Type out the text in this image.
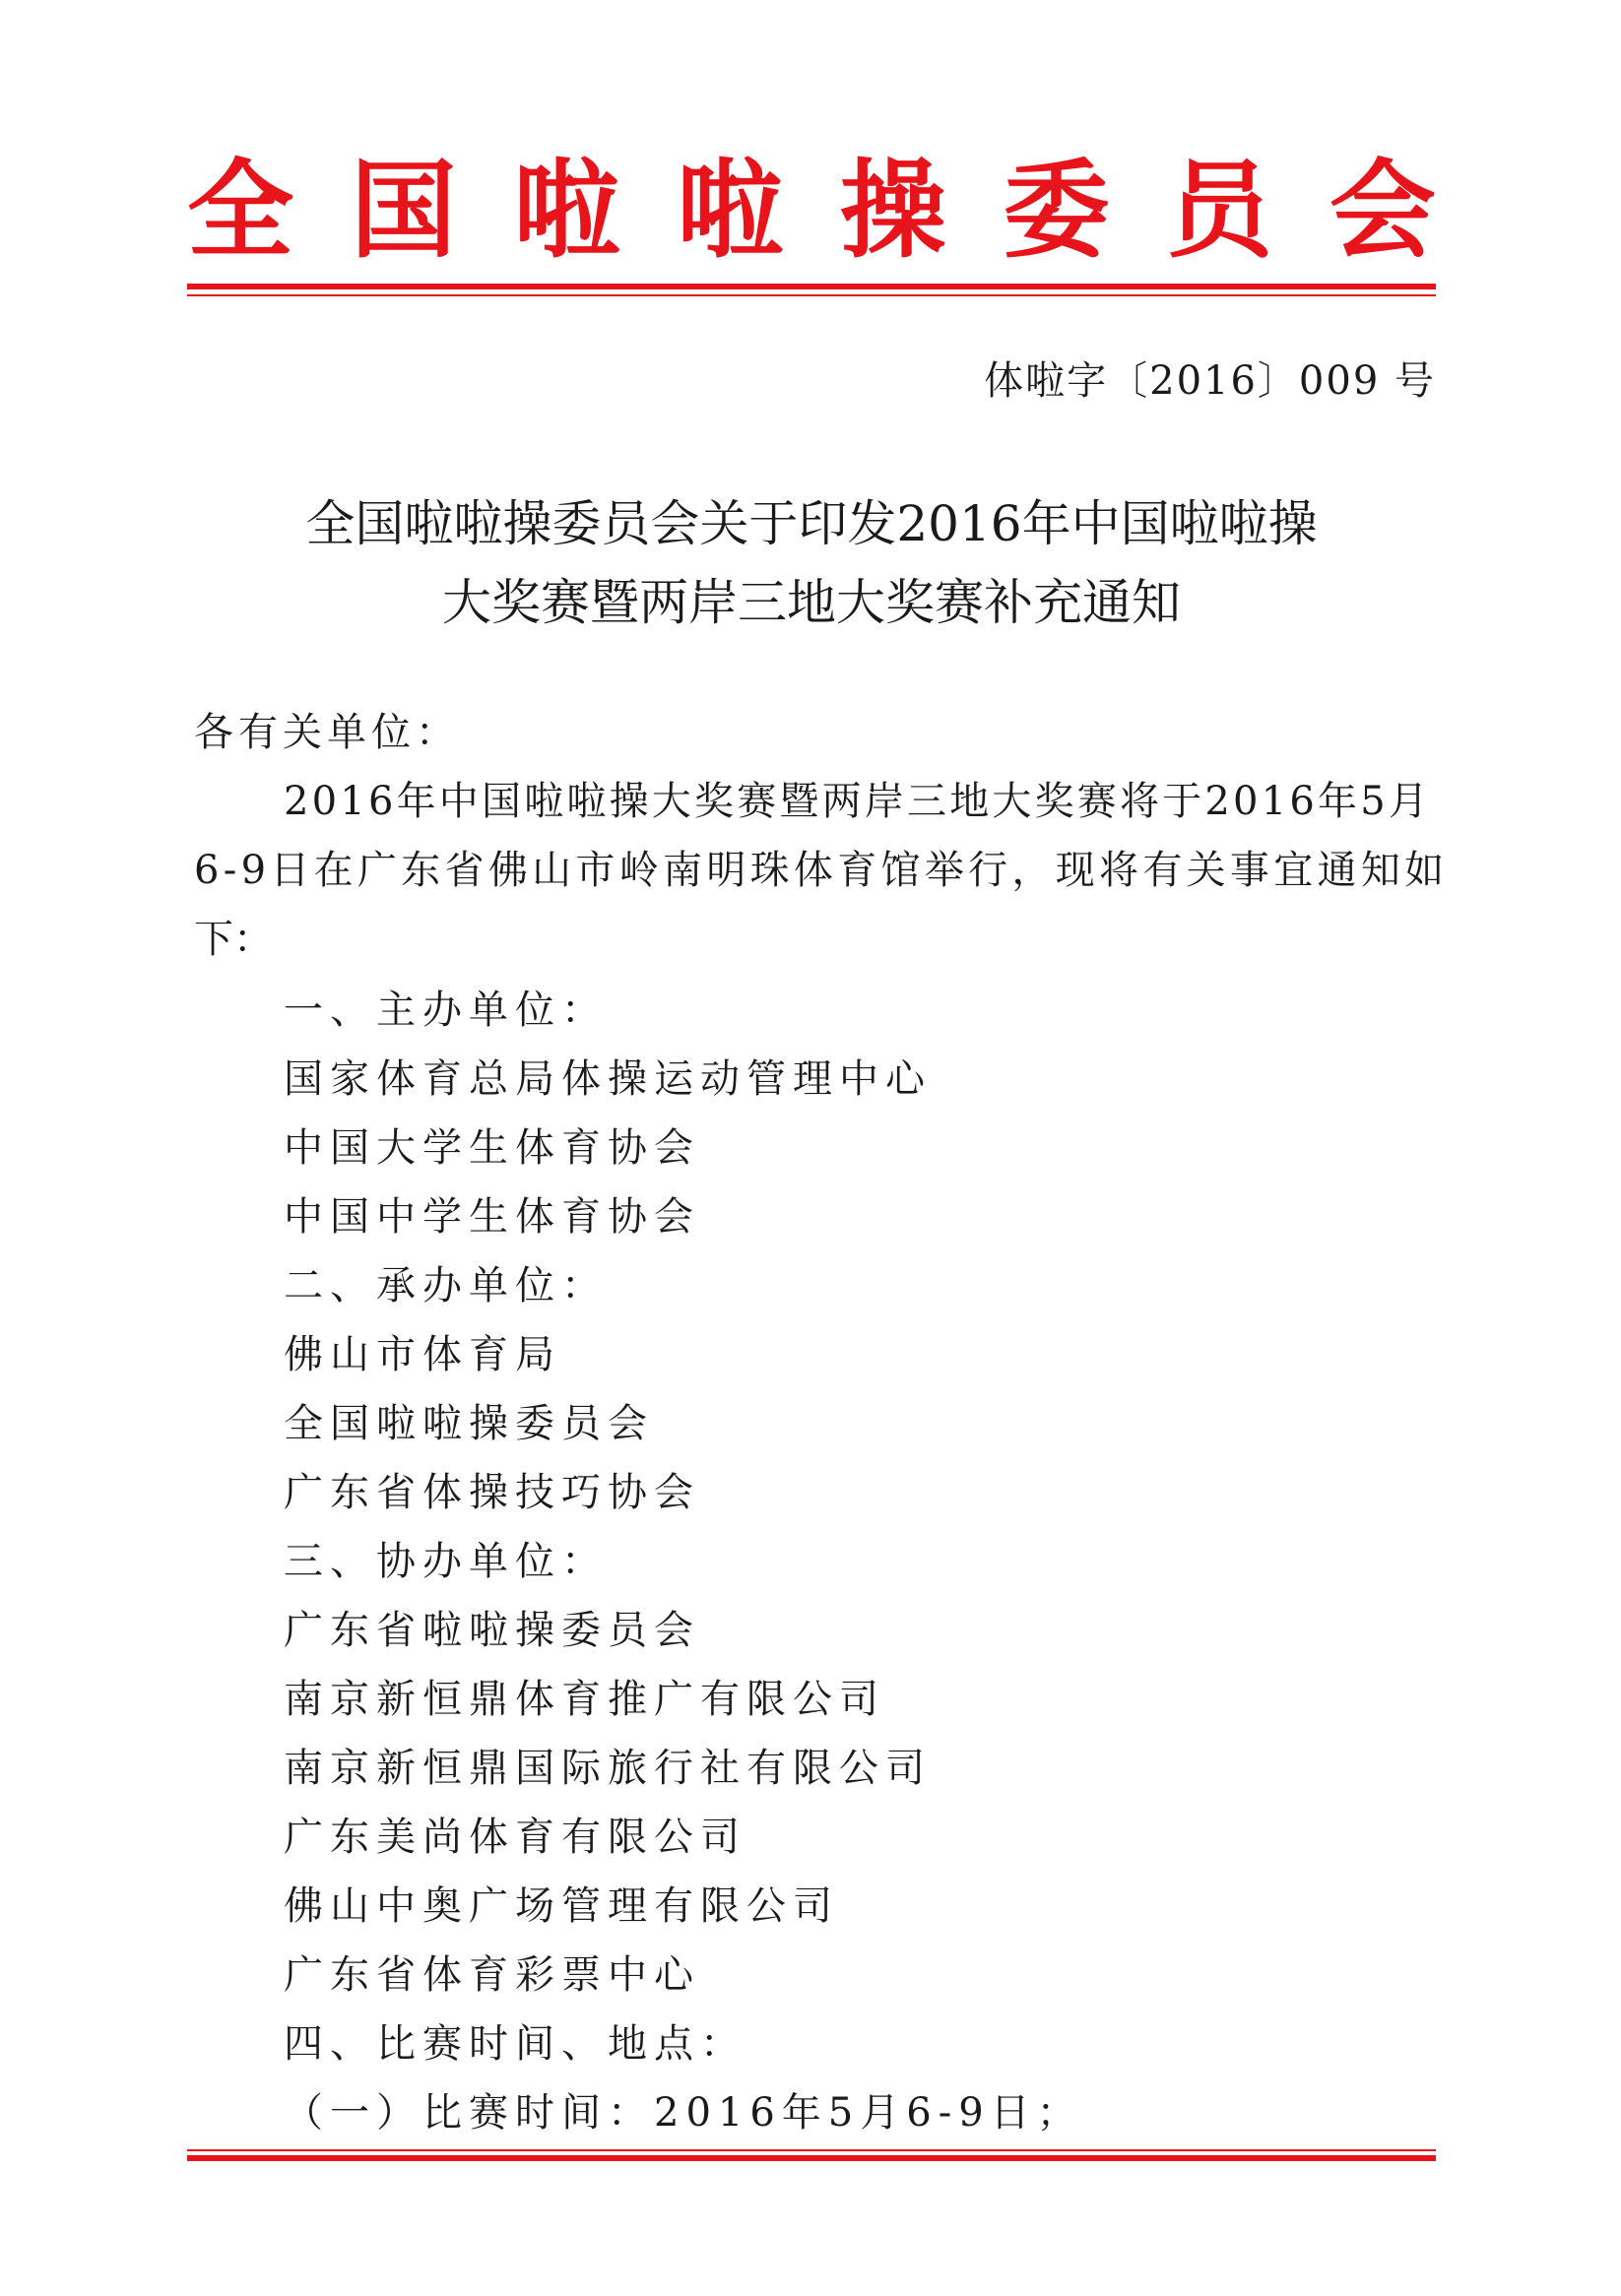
全 国 啦 啦 操 委 员 会
体啦字〔2016〕009 号
全国啦啦操委员会关于印发2016年中国啦啦操
大奖赛暨两岸三地大奖赛补充通知
各有关单位：
2016年中国啦啦操大奖赛暨两岸三地大奖赛将于2016年5月
6-9日在广东省佛山市岭南明珠体育馆举行，现将有关事宜通知如
下：
一、主办单位：
国家体育总局体操运动管理中心
中国大学生体育协会
中国中学生体育协会
二、承办单位：
佛山市体育局
全国啦啦操委员会
广东省体操技巧协会
三、协办单位：
广东省啦啦操委员会
南京新恒鼎体育推广有限公司
南京新恒鼎国际旅行社有限公司
广东美尚体育有限公司
佛山中奥广场管理有限公司
广东省体育彩票中心
四、比赛时间、地点：
（一）比赛时间：2016年5月6-9日；
